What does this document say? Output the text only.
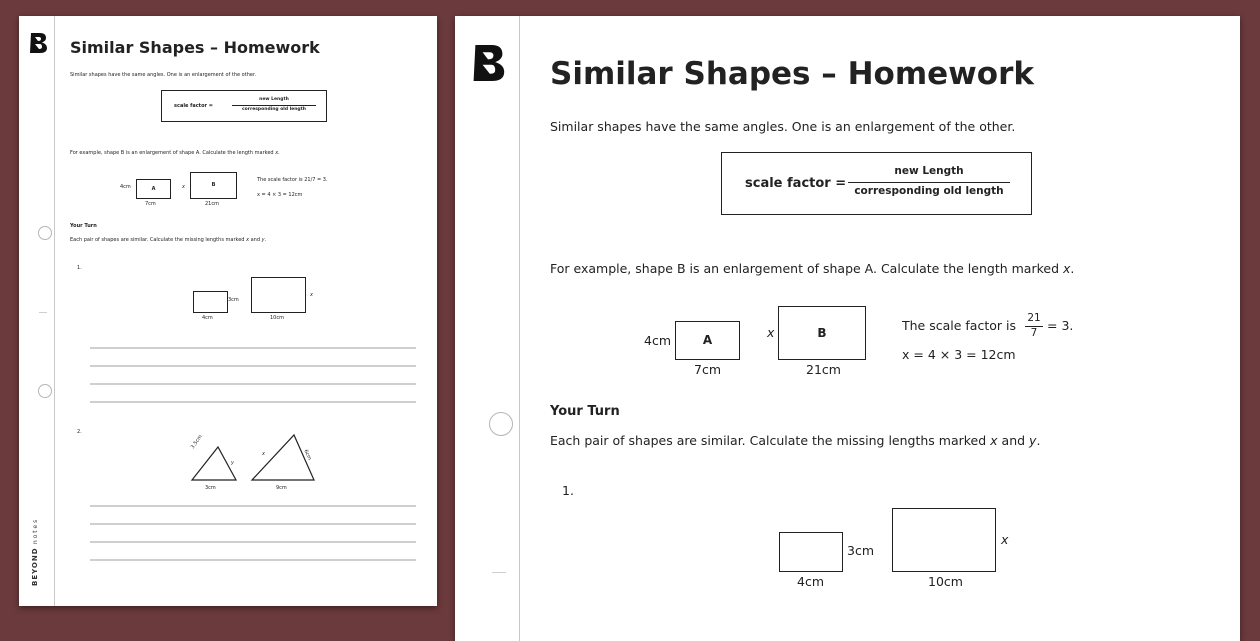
Similar Shapes – Homework
Similar shapes have the same angles. One is an enlargement of the other.
scale factor =
new Length
corresponding old length
For example, shape B is an enlargement of shape A. Calculate the length marked x.
4cm	A
7cm
x	B
21cm
The scale factor is 21/7 = 3.
x = 4 × 3 = 12cm
Your Turn
Each pair of shapes are similar. Calculate the missing lengths marked x and y.
1.
3cm
4cm
x
10cm
2.
3.5cm
y
3cm
x	6cm
9cm
BEYOND notes
Similar Shapes – Homework
Similar shapes have the same angles. One is an enlargement of the other.
scale factor =
new Length
corresponding old length
For example, shape B is an enlargement of shape A. Calculate the length marked x.
4cm	A
7cm
x	B
21cm
The scale factor is 21
7 = 3.
x = 4 × 3 = 12cm
Your Turn
Each pair of shapes are similar. Calculate the missing lengths marked x and y.
1.
3cm
4cm
x
10cm
